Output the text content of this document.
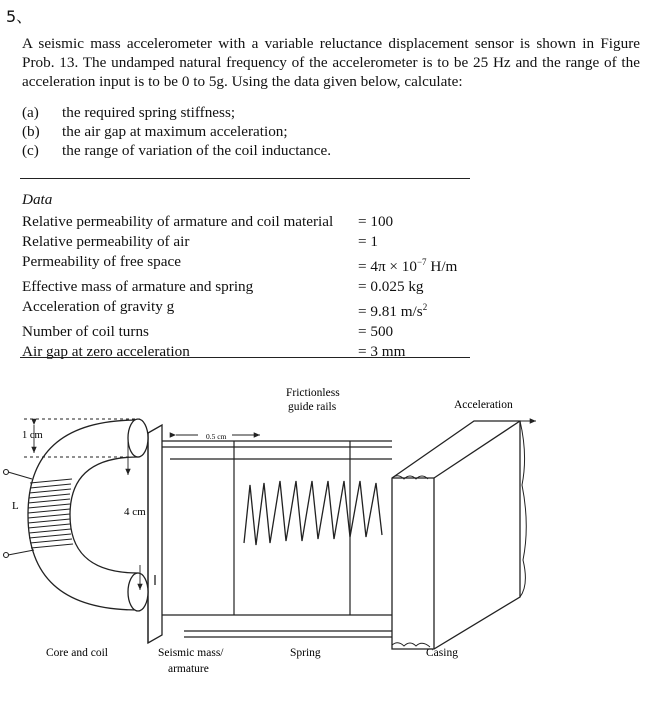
5、
A seismic mass accelerometer with a variable reluctance displacement sensor is shown in Figure Prob. 13. The undamped natural frequency of the accelerometer is to be 25 Hz and the range of the acceleration input is to be 0 to 5g. Using the data given below, calculate:
(a)	the required spring stiffness;
(b)	the air gap at maximum acceleration;
(c)	the range of variation of the coil inductance.
Data
Relative permeability of armature and coil material	= 100
Relative permeability of air	= 1
Permeability of free space	= $4\pi \times 10^{-7}$ H/m
Effective mass of armature and spring	= 0.025 kg
Acceleration of gravity g	= 9.81 $m/s^2$
Number of coil turns	= 500
Air gap at zero acceleration	= 3 mm
Frictionless
guide rails	Acceleration
1 cm	0.5 cm
4 cm
L
Core and coil	Seismic mass/
armature
Spring	Casing
